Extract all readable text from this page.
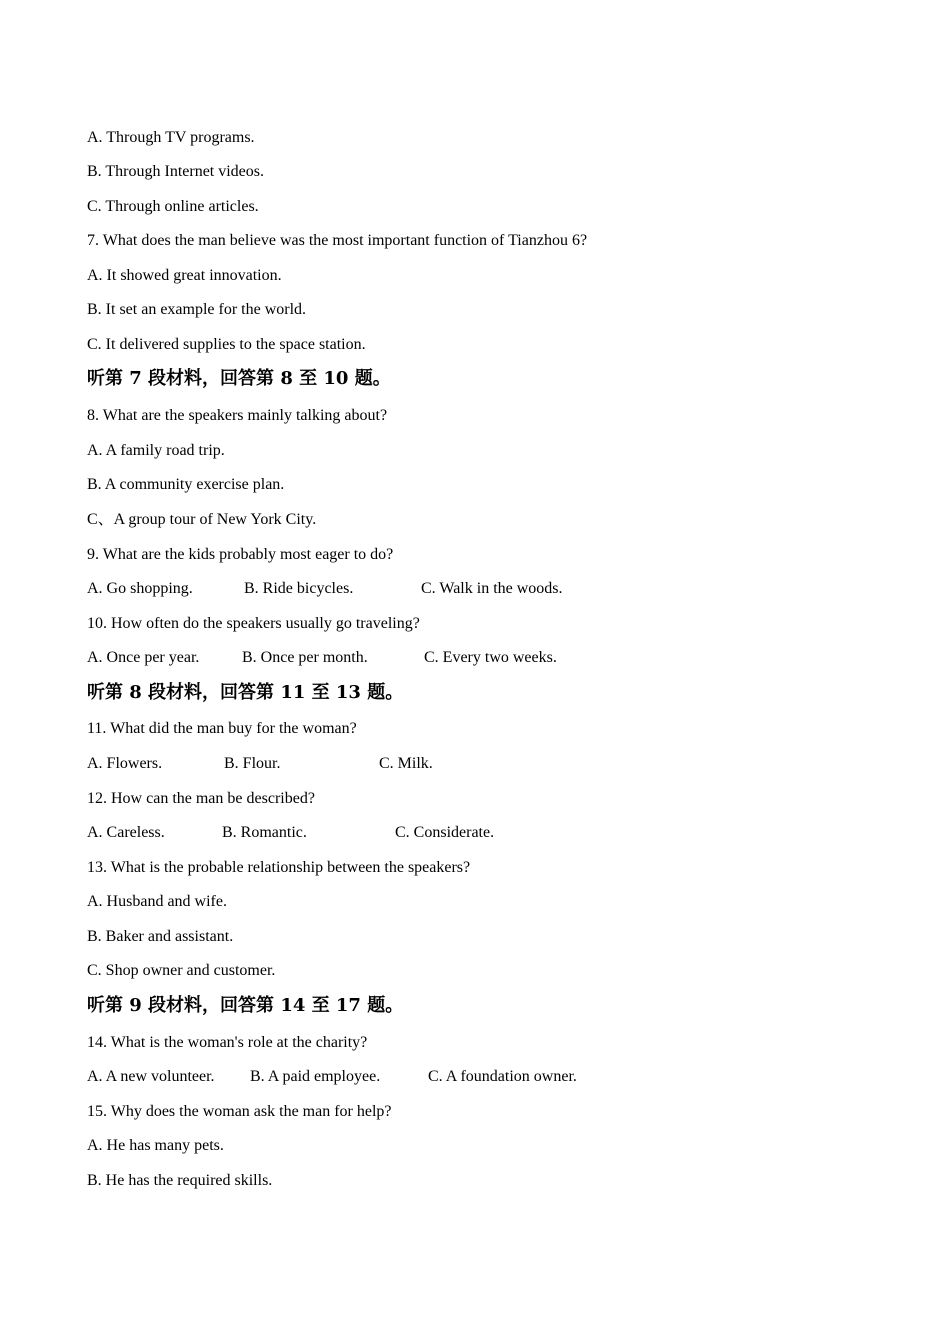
A. Through TV programs.
B. Through Internet videos.
C. Through online articles.
7. What does the man believe was the most important function of Tianzhou 6?
A. It showed great innovation.
B. It set an example for the world.
C. It delivered supplies to the space station.
听第 7 段材料，回答第 8 至 10 题。
8. What are the speakers mainly talking about?
A. A family road trip.
B. A community exercise plan.
C、A group tour of New York City.
9. What are the kids probably most eager to do?
A. Go shopping.	B. Ride bicycles.	C. Walk in the woods.
10. How often do the speakers usually go traveling?
A. Once per year.	B. Once per month.	C. Every two weeks.
听第 8 段材料，回答第 11 至 13 题。
11. What did the man buy for the woman?
A. Flowers.	B. Flour.	C. Milk.
12. How can the man be described?
A. Careless.	B. Romantic.	C. Considerate.
13. What is the probable relationship between the speakers?
A. Husband and wife.
B. Baker and assistant.
C. Shop owner and customer.
听第 9 段材料，回答第 14 至 17 题。
14. What is the woman's role at the charity?
A. A new volunteer. B. A paid employee.	C. A foundation owner.
15. Why does the woman ask the man for help?
A. He has many pets.
B. He has the required skills.
